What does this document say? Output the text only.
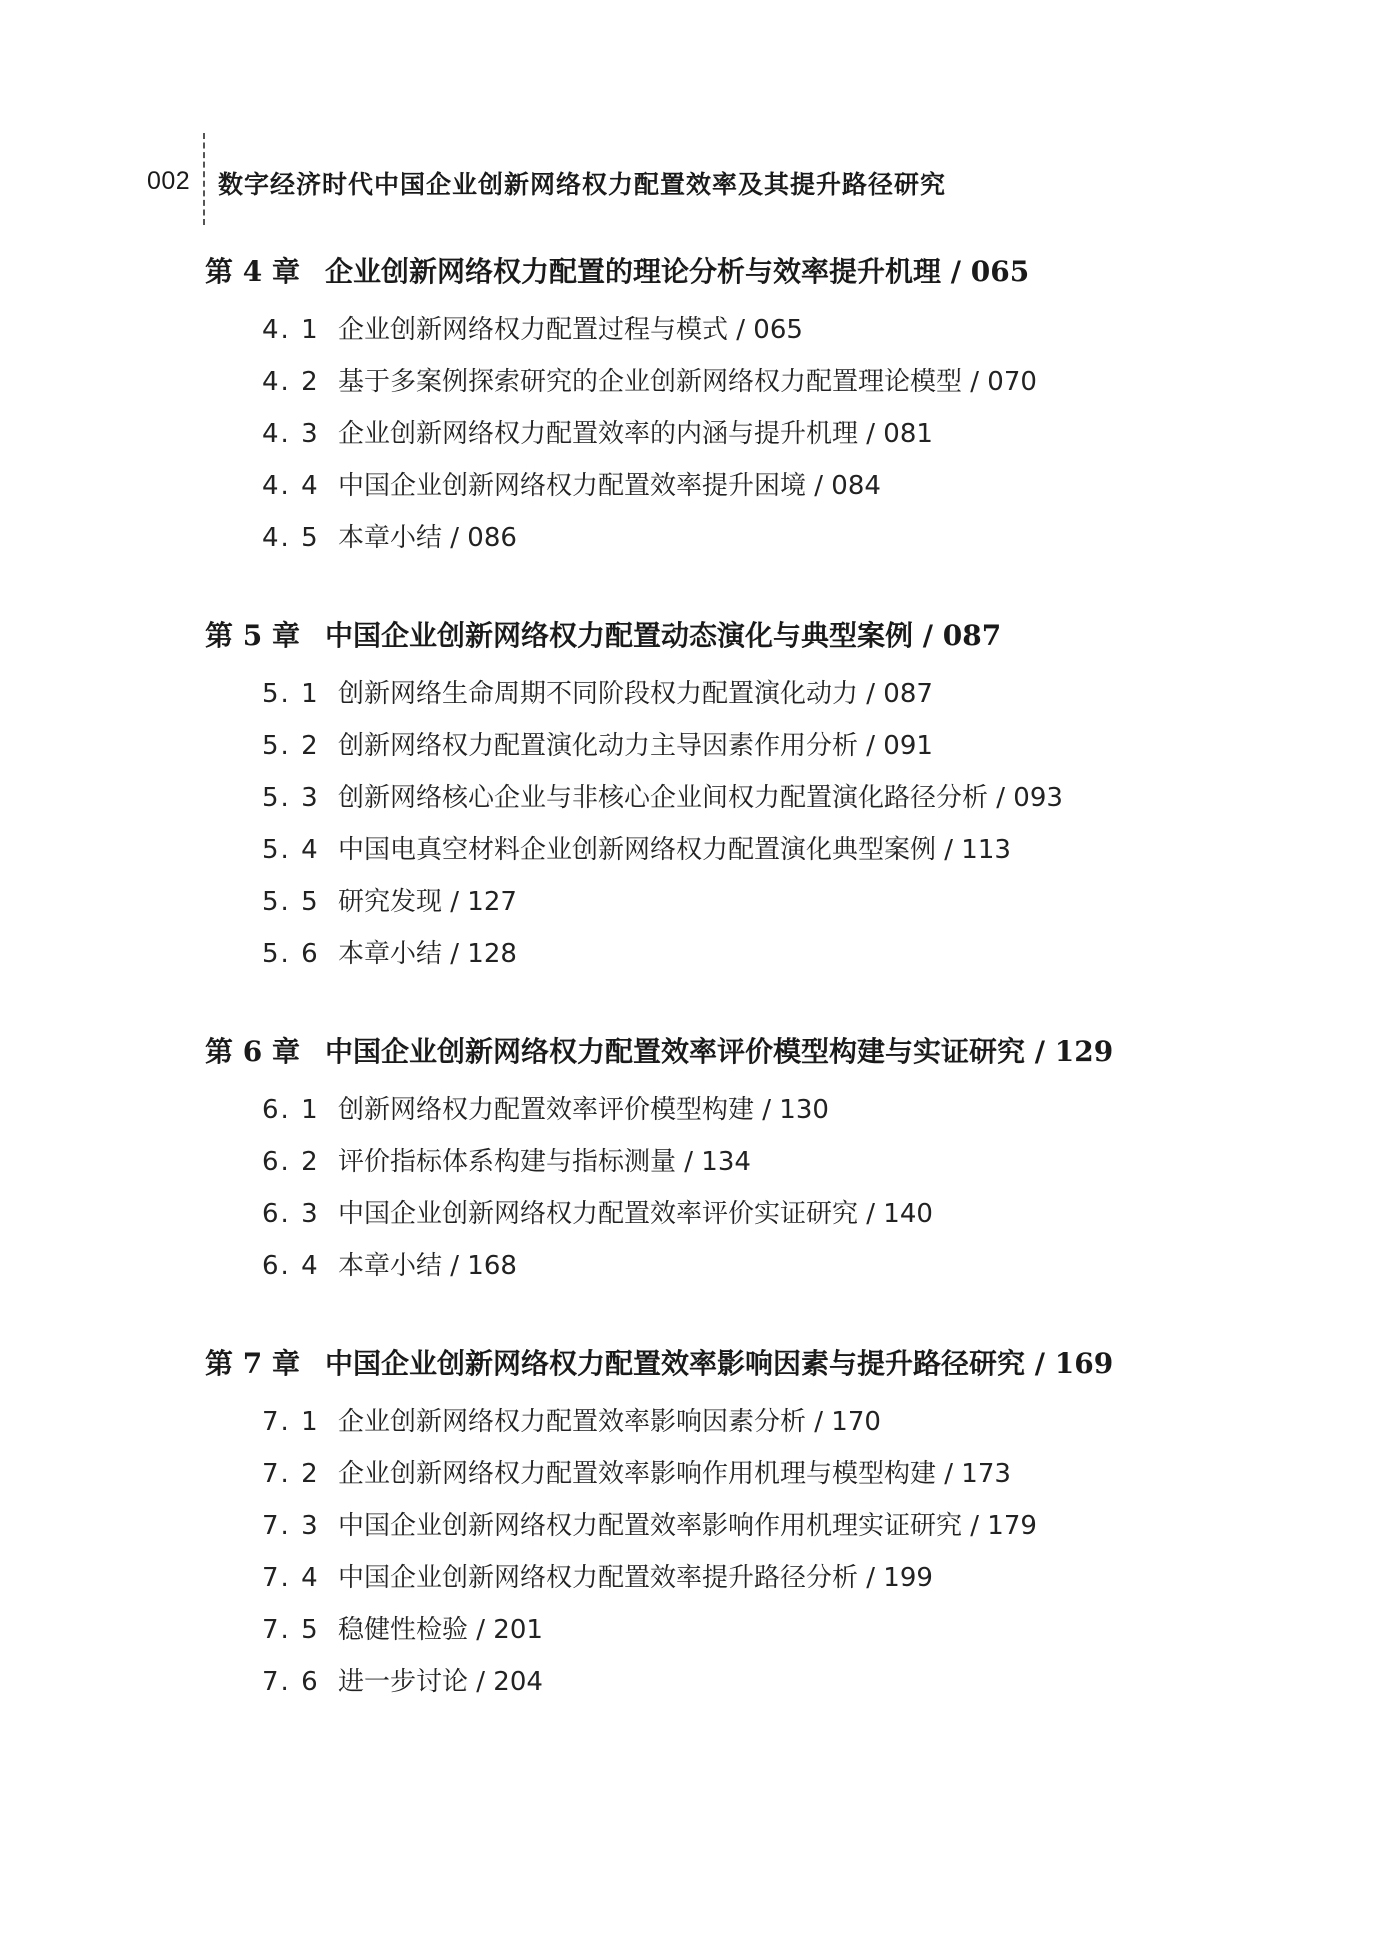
002 数字经济时代中国企业创新网络权力配置效率及其提升路径研究
第 4 章 企业创新网络权力配置的理论分析与效率提升机理 / 065
4. 1 企业创新网络权力配置过程与模式 / 065
4. 2 基于多案例探索研究的企业创新网络权力配置理论模型 / 070
4. 3 企业创新网络权力配置效率的内涵与提升机理 / 081
4. 4 中国企业创新网络权力配置效率提升困境 / 084
4. 5 本章小结 / 086
第 5 章 中国企业创新网络权力配置动态演化与典型案例 / 087
5. 1 创新网络生命周期不同阶段权力配置演化动力 / 087
5. 2 创新网络权力配置演化动力主导因素作用分析 / 091
5. 3 创新网络核心企业与非核心企业间权力配置演化路径分析 / 093
5. 4 中国电真空材料企业创新网络权力配置演化典型案例 / 113
5. 5 研究发现 / 127
5. 6 本章小结 / 128
第 6 章 中国企业创新网络权力配置效率评价模型构建与实证研究 / 129
6. 1 创新网络权力配置效率评价模型构建 / 130
6. 2 评价指标体系构建与指标测量 / 134
6. 3 中国企业创新网络权力配置效率评价实证研究 / 140
6. 4 本章小结 / 168
第 7 章 中国企业创新网络权力配置效率影响因素与提升路径研究 / 169
7. 1 企业创新网络权力配置效率影响因素分析 / 170
7. 2 企业创新网络权力配置效率影响作用机理与模型构建 / 173
7. 3 中国企业创新网络权力配置效率影响作用机理实证研究 / 179
7. 4 中国企业创新网络权力配置效率提升路径分析 / 199
7. 5 稳健性检验 / 201
7. 6 进一步讨论 / 204
